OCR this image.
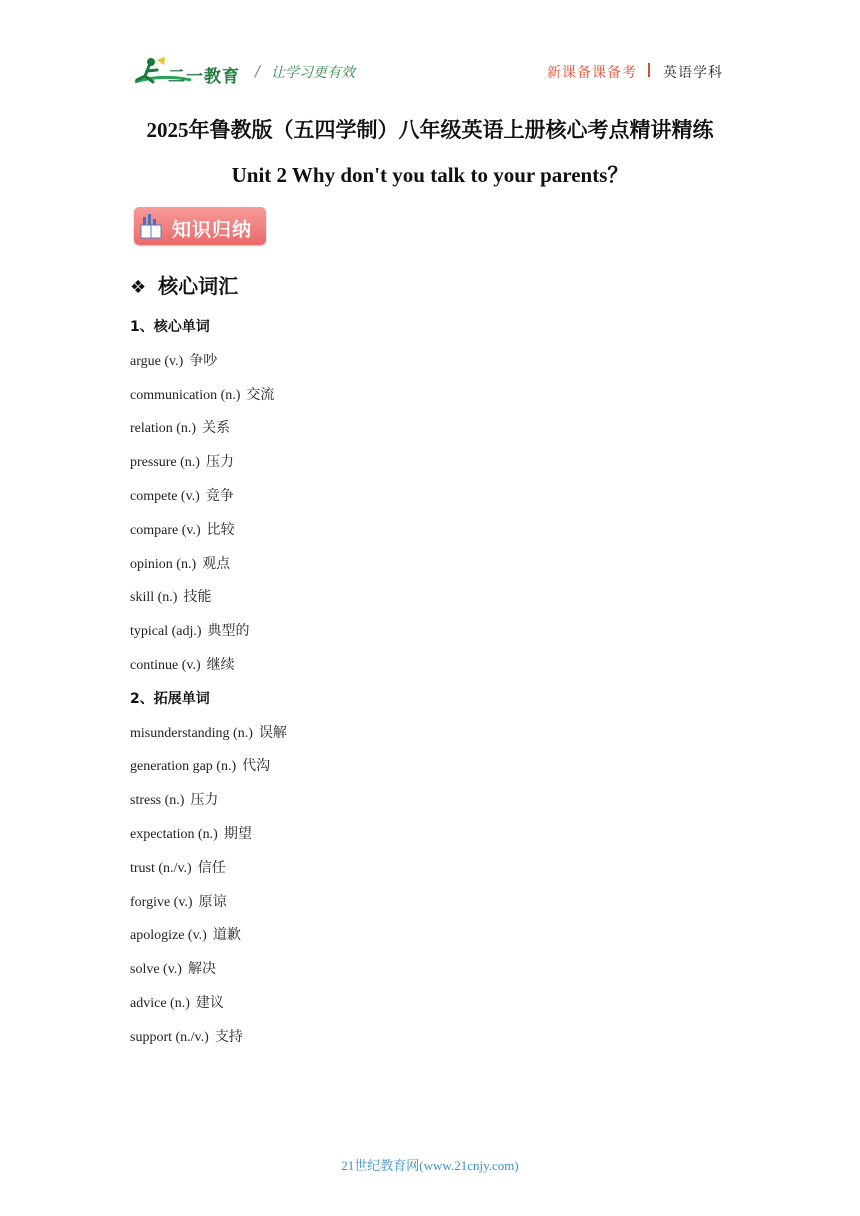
二一教育 / 让学习更有效	新课备课备考 英语学科
2025年鲁教版（五四学制）八年级英语上册核心考点精讲精练
Unit 2 Why don't you talk to your parents？
知识归纳
❖ 核心词汇
1、核心单词
argue (v.) 争吵
communication (n.) 交流
relation (n.) 关系
pressure (n.) 压力
compete (v.) 竞争
compare (v.) 比较
opinion (n.) 观点
skill (n.) 技能
typical (adj.) 典型的
continue (v.) 继续
2、拓展单词
misunderstanding (n.) 误解
generation gap (n.) 代沟
stress (n.) 压力
expectation (n.) 期望
trust (n./v.) 信任
forgive (v.) 原谅
apologize (v.) 道歉
solve (v.) 解决
advice (n.) 建议
support (n./v.) 支持
21世纪教育网(www.21cnjy.com)
